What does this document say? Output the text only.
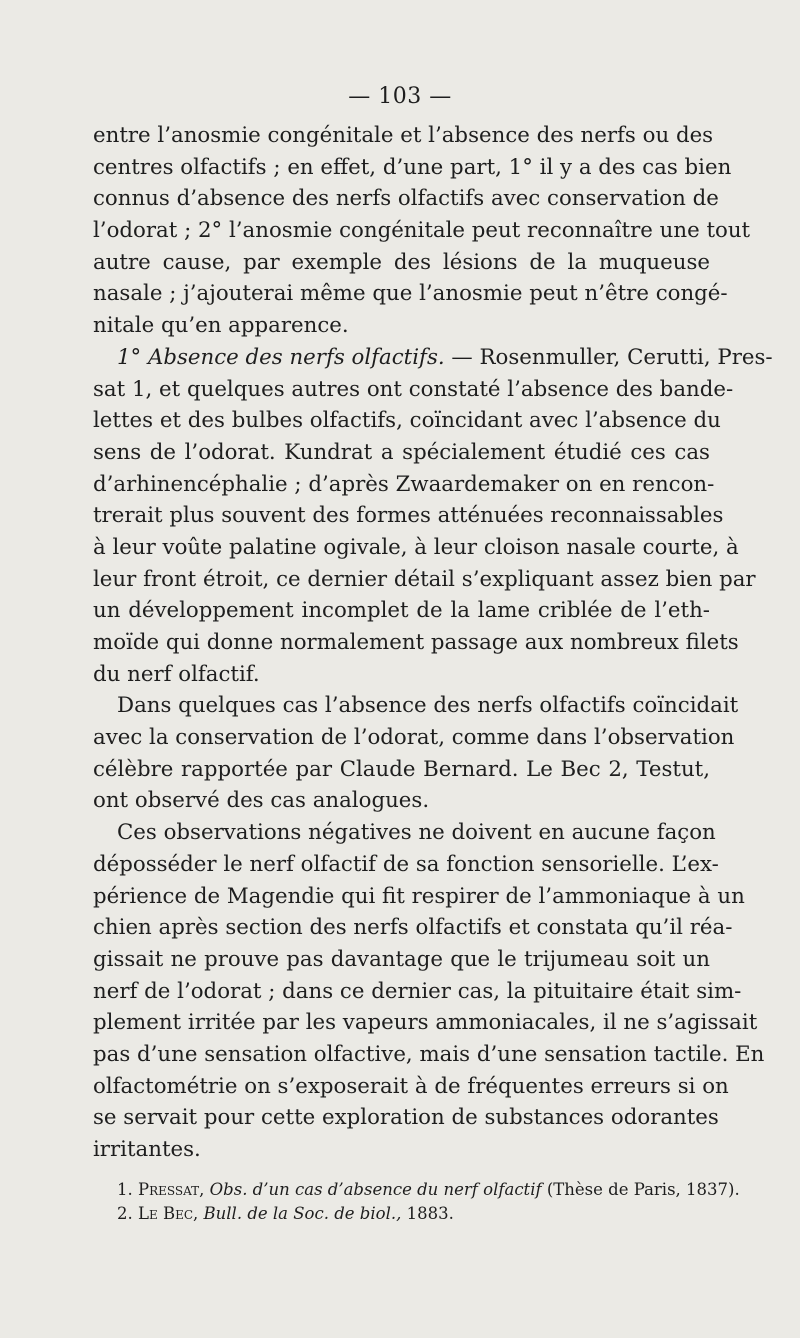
— 103 —
entre l’anosmie congénitale et l’absence des nerfs ou des
centres olfactifs ; en effet, d’une part, 1° il y a des cas bien
connus d’absence des nerfs olfactifs avec conservation de
l’odorat ; 2° l’anosmie congénitale peut reconnaître une tout
autre cause, par exemple des lésions de la muqueuse
nasale ; j’ajouterai même que l’anosmie peut n’être congé-
nitale qu’en apparence.
1° Absence des nerfs olfactifs. — Rosenmuller, Cerutti, Pres-
sat 1, et quelques autres ont constaté l’absence des bande-
lettes et des bulbes olfactifs, coïncidant avec l’absence du
sens de l’odorat. Kundrat a spécialement étudié ces cas
d’arhinencéphalie ; d’après Zwaardemaker on en rencon-
trerait plus souvent des formes atténuées reconnaissables
à leur voûte palatine ogivale, à leur cloison nasale courte, à
leur front étroit, ce dernier détail s’expliquant assez bien par
un développement incomplet de la lame criblée de l’eth-
moïde qui donne normalement passage aux nombreux filets
du nerf olfactif.
Dans quelques cas l’absence des nerfs olfactifs coïncidait
avec la conservation de l’odorat, comme dans l’observation
célèbre rapportée par Claude Bernard. Le Bec 2, Testut,
ont observé des cas analogues.
Ces observations négatives ne doivent en aucune façon
déposséder le nerf olfactif de sa fonction sensorielle. L’ex-
périence de Magendie qui fit respirer de l’ammoniaque à un
chien après section des nerfs olfactifs et constata qu’il réa-
gissait ne prouve pas davantage que le trijumeau soit un
nerf de l’odorat ; dans ce dernier cas, la pituitaire était sim-
plement irritée par les vapeurs ammoniacales, il ne s’agissait
pas d’une sensation olfactive, mais d’une sensation tactile. En
olfactométrie on s’exposerait à de fréquentes erreurs si on
se servait pour cette exploration de substances odorantes
irritantes.
1. Pressat, Obs. d’un cas d’absence du nerf olfactif (Thèse de Paris, 1837).
2. Le Bec, Bull. de la Soc. de biol., 1883.
